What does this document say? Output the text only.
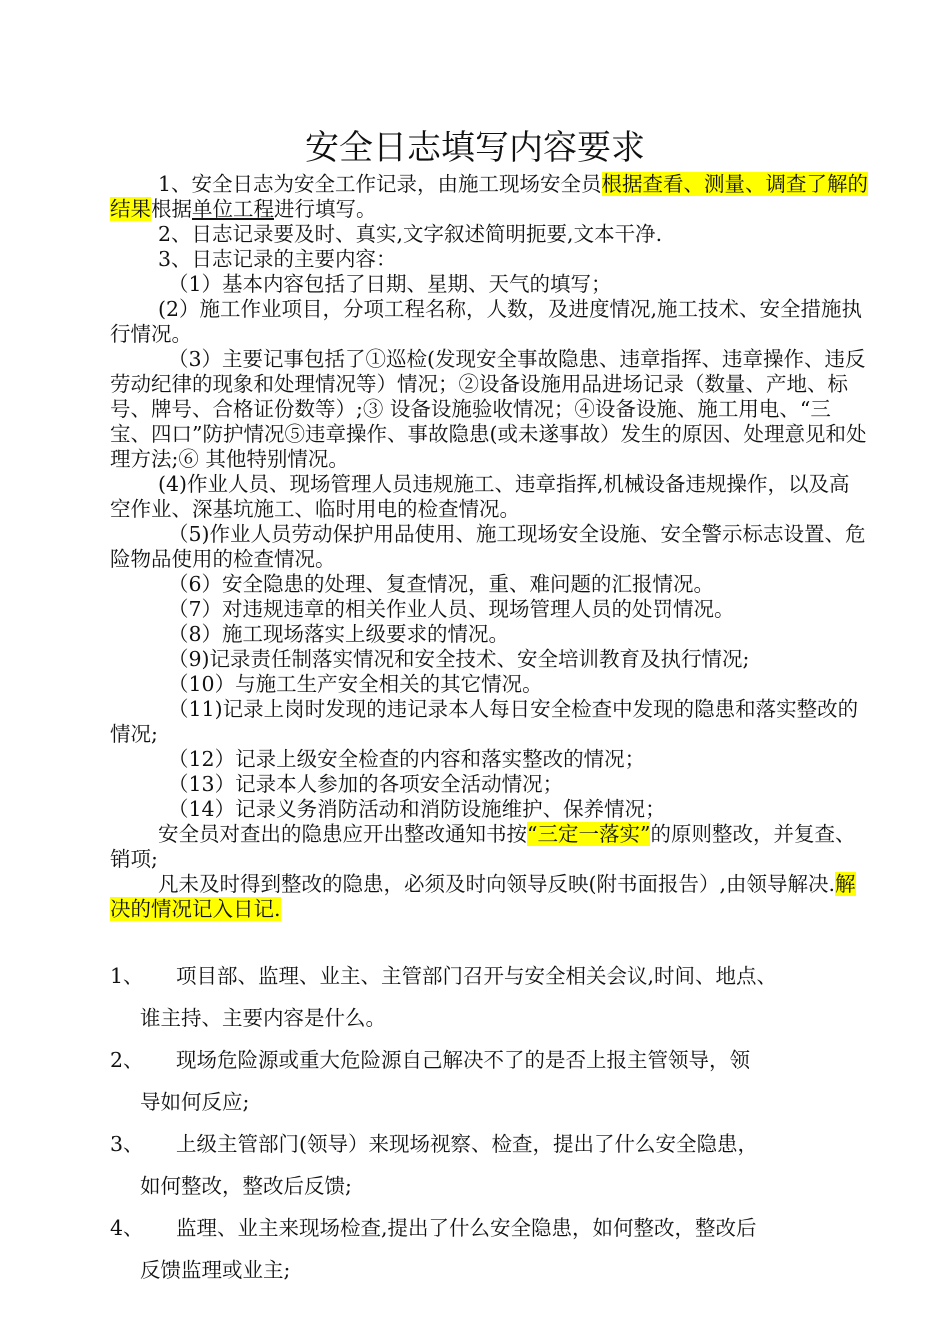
安全日志填写内容要求

1、安全日志为安全工作记录，由施工现场安全员根据查看、测量、调查了解的结果根据单位工程进行填写。

2、日志记录要及时、真实,文字叙述简明扼要,文本干净.

3、日志记录的主要内容：

（1）基本内容包括了日期、星期、天气的填写；

(2）施工作业项目，分项工程名称，人数，及进度情况,施工技术、安全措施执行情况。

（3）主要记事包括了①巡检(发现安全事故隐患、违章指挥、违章操作、违反劳动纪律的现象和处理情况等）情况；②设备设施用品进场记录（数量、产地、标号、牌号、合格证份数等）;③ 设备设施验收情况；④设备设施、施工用电、“三宝、四口”防护情况⑤违章操作、事故隐患(或未遂事故）发生的原因、处理意见和处理方法;⑥ 其他特别情况。

(4)作业人员、现场管理人员违规施工、违章指挥,机械设备违规操作，以及高空作业、深基坑施工、临时用电的检查情况。

（5)作业人员劳动保护用品使用、施工现场安全设施、安全警示标志设置、危险物品使用的检查情况。

（6）安全隐患的处理、复查情况，重、难问题的汇报情况。

（7）对违规违章的相关作业人员、现场管理人员的处罚情况。

（8）施工现场落实上级要求的情况。

（9)记录责任制落实情况和安全技术、安全培训教育及执行情况;

（10）与施工生产安全相关的其它情况。

（11)记录上岗时发现的违记录本人每日安全检查中发现的隐患和落实整改的情况;

（12）记录上级安全检查的内容和落实整改的情况；

（13）记录本人参加的各项安全活动情况；

（14）记录义务消防活动和消防设施维护、保养情况；

安全员对查出的隐患应开出整改通知书按“三定一落实”的原则整改，并复查、销项;

凡未及时得到整改的隐患，必须及时向领导反映(附书面报告）,由领导解决.解决的情况记入日记.

1、 项目部、监理、业主、主管部门召开与安全相关会议,时间、地点、
谁主持、主要内容是什么。
2、 现场危险源或重大危险源自己解决不了的是否上报主管领导，领
导如何反应;
3、 上级主管部门(领导）来现场视察、检查，提出了什么安全隐患，
如何整改，整改后反馈;
4、 监理、业主来现场检查,提出了什么安全隐患，如何整改，整改后
反馈监理或业主;
